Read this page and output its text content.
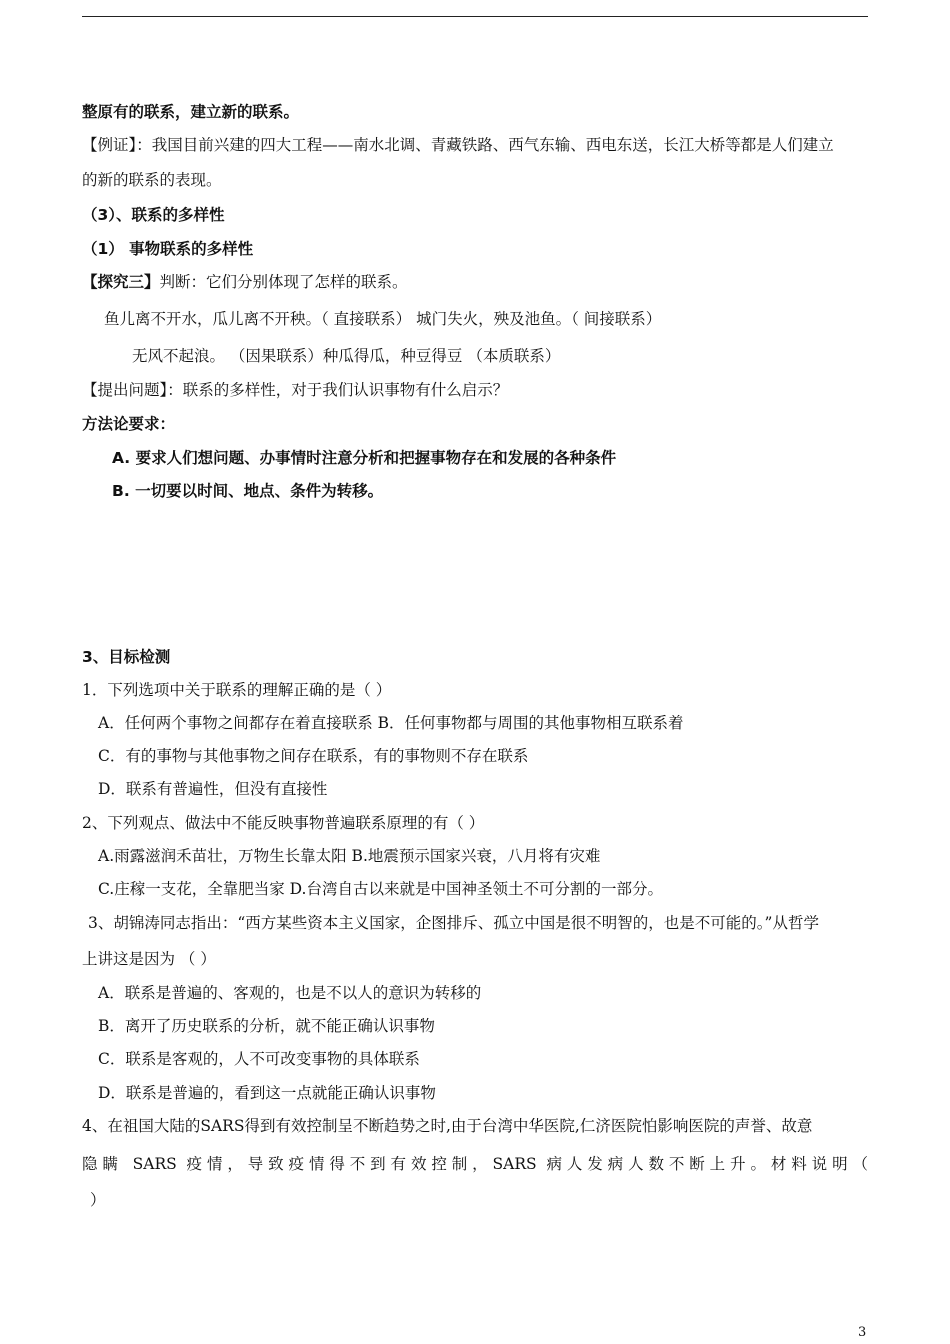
整原有的联系，建立新的联系。
【例证】：我国目前兴建的四大工程——南水北调、青藏铁路、西气东输、西电东送，长江大桥等都是人们建立
的新的联系的表现。
（3）、联系的多样性
（1） 事物联系的多样性
【探究三】判断：它们分别体现了怎样的联系。
鱼儿离不开水，瓜儿离不开秧。（ 直接联系） 城门失火，殃及池鱼。（ 间接联系）
无风不起浪。 （因果联系）种瓜得瓜，种豆得豆 （本质联系）
【提出问题】：联系的多样性，对于我们认识事物有什么启示？
方法论要求：
A. 要求人们想问题、办事情时注意分析和把握事物存在和发展的各种条件
B. 一切要以时间、地点、条件为转移。
3、目标检测
1．下列选项中关于联系的理解正确的是（ ）
A．任何两个事物之间都存在着直接联系 B．任何事物都与周围的其他事物相互联系着
C．有的事物与其他事物之间存在联系，有的事物则不存在联系
D．联系有普遍性，但没有直接性
2、下列观点、做法中不能反映事物普遍联系原理的有（ ）
A.雨露滋润禾苗壮，万物生长靠太阳 B.地震预示国家兴衰，八月将有灾难
C.庄稼一支花，全靠肥当家 D.台湾自古以来就是中国神圣领土不可分割的一部分。
3、胡锦涛同志指出：“西方某些资本主义国家，企图排斥、孤立中国是很不明智的，也是不可能的。”从哲学
上讲这是因为 （ ）
A．联系是普遍的、客观的，也是不以人的意识为转移的
B．离开了历史联系的分析，就不能正确认识事物
C．联系是客观的，人不可改变事物的具体联系
D．联系是普遍的，看到这一点就能正确认识事物
4、在祖国大陆的SARS得到有效控制呈不断趋势之时,由于台湾中华医院,仁济医院怕影响医院的声誉、故意
隐瞒 SARS 疫情，导致疫情得不到有效控制，SARS 病人发病人数不断上升。材料说明（
）
3
